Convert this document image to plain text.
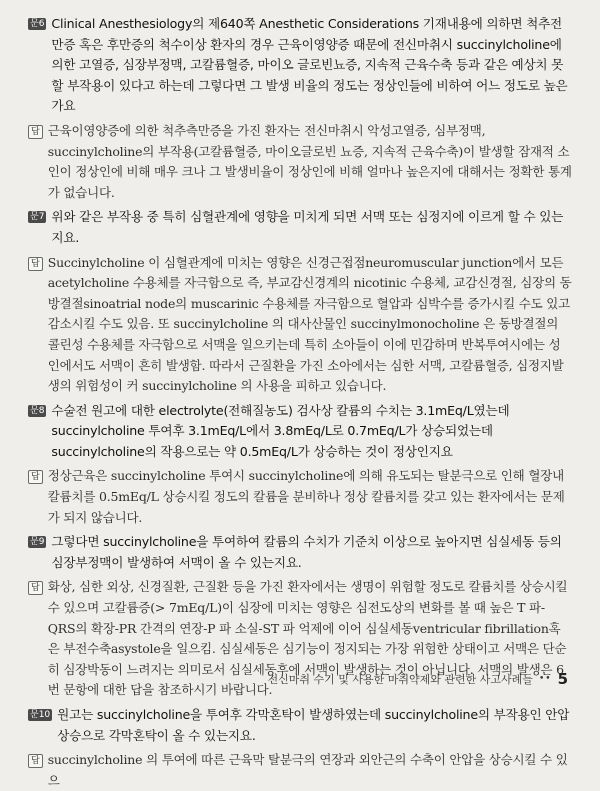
문6 Clinical Anesthesiology의 제640쪽 Anesthetic Considerations 기재내용에 의하면 척추전만증 혹은 후만증의 척수이상 환자의 경우 근육이영양증 때문에 전신마취시 succinylcholine에 의한 고열증, 심장부정맥, 고칼륨혈증, 마이오 글로빈뇨증, 지속적 근육수축 등과 같은 예상치 못할 부작용이 있다고 하는데 그렇다면 그 발생 비율의 정도는 정상인들에 비하여 어느 정도로 높은가요

답 근육이영양증에 의한 척추측만증을 가진 환자는 전신마취시 악성고열증, 심부정맥, succinylcholine의 부작용(고칼륨혈증, 마이오글로빈 뇨증, 지속적 근육수축)이 발생할 잠재적 소인이 정상인에 비해 매우 크나 그 발생비율이 정상인에 비해 얼마나 높은지에 대해서는 정확한 통계가 없습니다.

문7 위와 같은 부작용 중 특히 심혈관계에 영향을 미치게 되면 서맥 또는 심정지에 이르게 할 수 있는지요.

답 Succinylcholine 이 심혈관계에 미치는 영향은 신경근접점neuromuscular junction에서 모든 acetylcholine 수용체를 자극함으로 즉, 부교감신경계의 nicotinic 수용체, 교감신경절, 심장의 동방결절sinoatrial node의 muscarinic 수용체를 자극함으로 혈압과 심박수를 증가시킬 수도 있고 감소시킬 수도 있음. 또 succinylcholine 의 대사산물인 succinylmonocholine 은 동방결절의 콜린성 수용체를 자극함으로 서맥을 일으키는데 특히 소아들이 이에 민감하며 반복투여시에는 성인에서도 서맥이 흔히 발생함. 따라서 근질환을 가진 소아에서는 심한 서맥, 고칼륨혈증, 심정지발생의 위험성이 커 succinylcholine 의 사용을 피하고 있습니다.

문8 수술전 원고에 대한 electrolyte(전해질농도) 검사상 칼륨의 수치는 3.1mEq/L였는데 succinylcholine 투여후 3.1mEq/L에서 3.8mEq/L로 0.7mEq/L가 상승되었는데 succinylcholine의 작용으로는 약 0.5mEq/L가 상승하는 것이 정상인지요

답 정상근육은 succinylcholine 투여시 succinylcholine에 의해 유도되는 탈분극으로 인해 혈장내 칼륨치를 0.5mEq/L 상승시킬 정도의 칼륨을 분비하나 정상 칼륨치를 갖고 있는 환자에서는 문제가 되지 않습니다.

문9 그렇다면 succinylcholine을 투여하여 칼륨의 수치가 기준치 이상으로 높아지면 심실세동 등의 심장부정맥이 발생하여 서맥이 올 수 있는지요.

답 화상, 심한 외상, 신경질환, 근질환 등을 가진 환자에서는 생명이 위험할 정도로 칼륨치를 상승시킬 수 있으며 고칼륨증(> 7mEq/L)이 심장에 미치는 영향은 심전도상의 변화를 볼 때 높은 T 파-QRS의 확장-PR 간격의 연장-P 파 소실-ST 파 억제에 이어 심실세동ventricular fibrillation혹은 부전수축asystole을 일으킴. 심실세동은 심기능이 정지되는 가장 위험한 상태이고 서맥은 단순히 심장박동이 느려지는 의미로서 심실세동후에 서맥이 발생하는 것이 아닙니다. 서맥의 발생은 6번 문항에 대한 답을 참조하시기 바랍니다.

문10 원고는 succinylcholine을 투여후 각막혼탁이 발생하였는데 succinylcholine의 부작용인 안압 상승으로 각막혼탁이 올 수 있는지요.

답 succinylcholine 의 투여에 따른 근육막 탈분극의 연장과 외안근의 수축이 안압을 상승시킬 수 있으

전신마취 수기 및 사용한 마취약제와 관련한 사고사례들 •• 5
